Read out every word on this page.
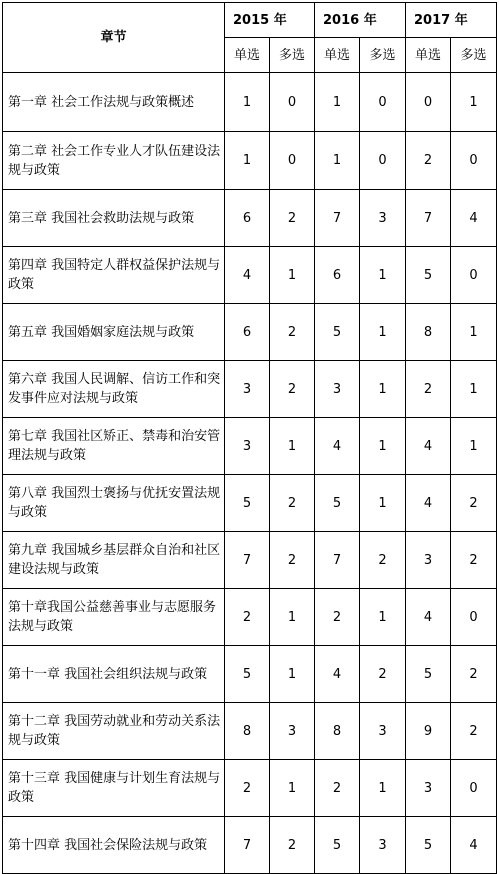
章节	2015 年		2016 年		2017 年	
	单选	多选	单选	多选	单选	多选
第一章 社会工作法规与政策概述	1	0	1	0	0	1
第二章 社会工作专业人才队伍建设法规与政策	1	0	1	0	2	0
第三章 我国社会救助法规与政策	6	2	7	3	7	4
第四章 我国特定人群权益保护法规与政策	4	1	6	1	5	0
第五章 我国婚姻家庭法规与政策	6	2	5	1	8	1
第六章 我国人民调解、信访工作和突发事件应对法规与政策	3	2	3	1	2	1
第七章 我国社区矫正、禁毒和治安管理法规与政策	3	1	4	1	4	1
第八章 我国烈士褒扬与优抚安置法规与政策	5	2	5	1	4	2
第九章 我国城乡基层群众自治和社区建设法规与政策	7	2	7	2	3	2
第十章我国公益慈善事业与志愿服务法规与政策	2	1	2	1	4	0
第十一章 我国社会组织法规与政策	5	1	4	2	5	2
第十二章 我国劳动就业和劳动关系法规与政策	8	3	8	3	9	2
第十三章 我国健康与计划生育法规与政策	2	1	2	1	3	0
第十四章 我国社会保险法规与政策	7	2	5	3	5	4
